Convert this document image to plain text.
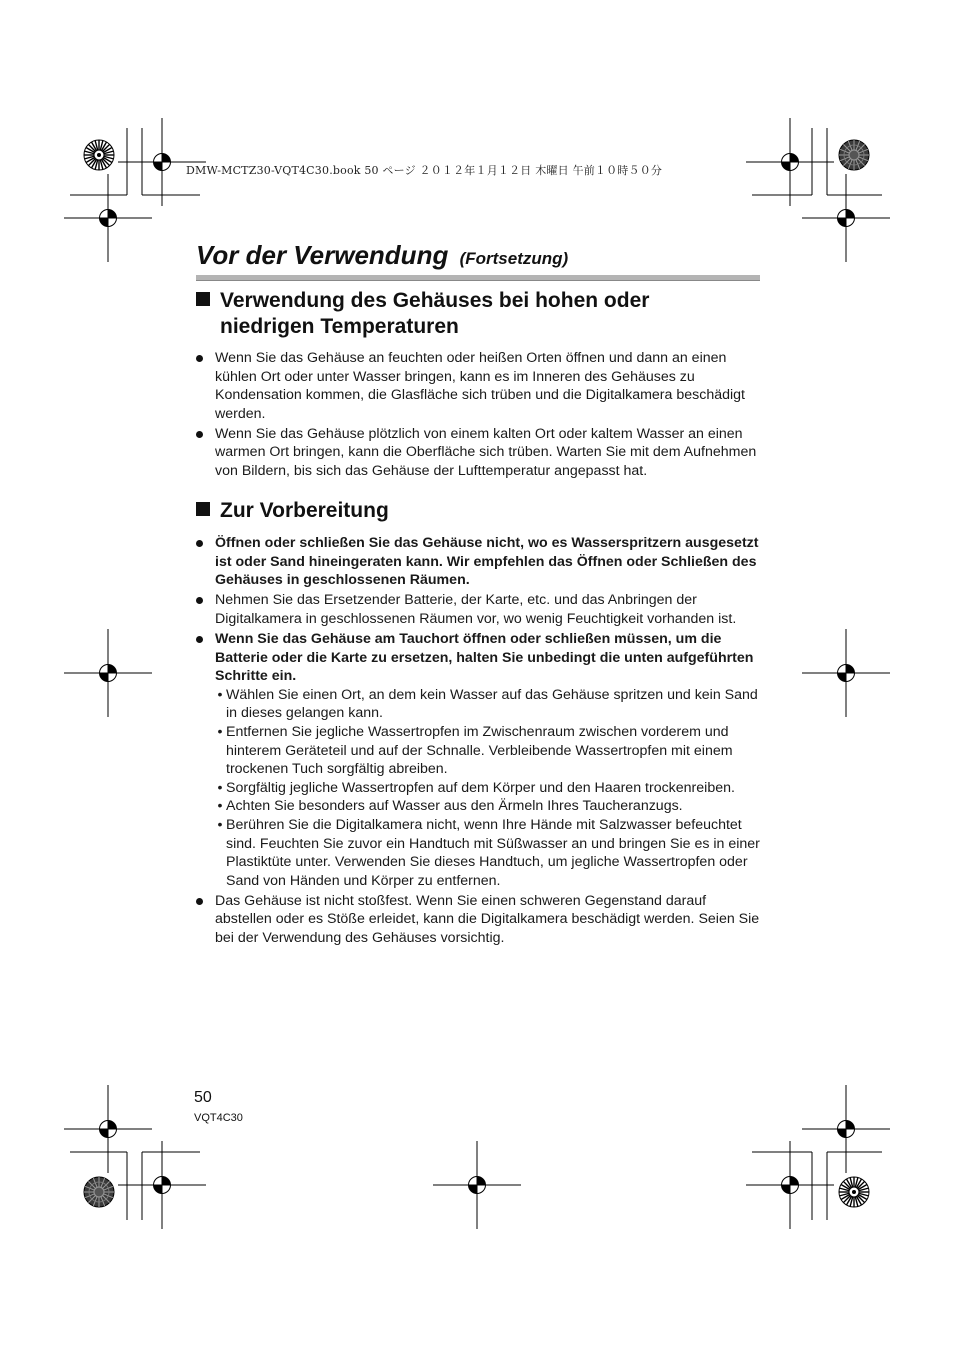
DMW-MCTZ30-VQT4C30.book 50 ページ ２０１２年１月１２日 木曜日 午前１０時５０分
Vor der Verwendung (Fortsetzung)
Verwendung des Gehäuses bei hohen oder
niedrigen Temperaturen
Wenn Sie das Gehäuse an feuchten oder heißen Orten öffnen und dann an einen kühlen Ort oder unter Wasser bringen, kann es im Inneren des Gehäuses zu Kondensation kommen, die Glasfläche sich trüben und die Digitalkamera beschädigt werden.
Wenn Sie das Gehäuse plötzlich von einem kalten Ort oder kaltem Wasser an einen warmen Ort bringen, kann die Oberfläche sich trüben. Warten Sie mit dem Aufnehmen von Bildern, bis sich das Gehäuse der Lufttemperatur angepasst hat.
Zur Vorbereitung
Öffnen oder schließen Sie das Gehäuse nicht, wo es Wasserspritzern ausgesetzt ist oder Sand hineingeraten kann. Wir empfehlen das Öffnen oder Schließen des Gehäuses in geschlossenen Räumen.
Nehmen Sie das Ersetzender Batterie, der Karte, etc. und das Anbringen der Digitalkamera in geschlossenen Räumen vor, wo wenig Feuchtigkeit vorhanden ist.
Wenn Sie das Gehäuse am Tauchort öffnen oder schließen müssen, um die Batterie oder die Karte zu ersetzen, halten Sie unbedingt die unten aufgeführten Schritte ein.
• Wählen Sie einen Ort, an dem kein Wasser auf das Gehäuse spritzen und kein Sand in dieses gelangen kann.
• Entfernen Sie jegliche Wassertropfen im Zwischenraum zwischen vorderem und hinterem Geräteteil und auf der Schnalle. Verbleibende Wassertropfen mit einem trockenen Tuch sorgfältig abreiben.
• Sorgfältig jegliche Wassertropfen auf dem Körper und den Haaren trockenreiben.
• Achten Sie besonders auf Wasser aus den Ärmeln Ihres Taucheranzugs.
• Berühren Sie die Digitalkamera nicht, wenn Ihre Hände mit Salzwasser befeuchtet sind. Feuchten Sie zuvor ein Handtuch mit Süßwasser an und bringen Sie es in einer Plastiktüte unter. Verwenden Sie dieses Handtuch, um jegliche Wassertropfen oder Sand von Händen und Körper zu entfernen.
Das Gehäuse ist nicht stoßfest. Wenn Sie einen schweren Gegenstand darauf abstellen oder es Stöße erleidet, kann die Digitalkamera beschädigt werden. Seien Sie bei der Verwendung des Gehäuses vorsichtig.
50
VQT4C30
